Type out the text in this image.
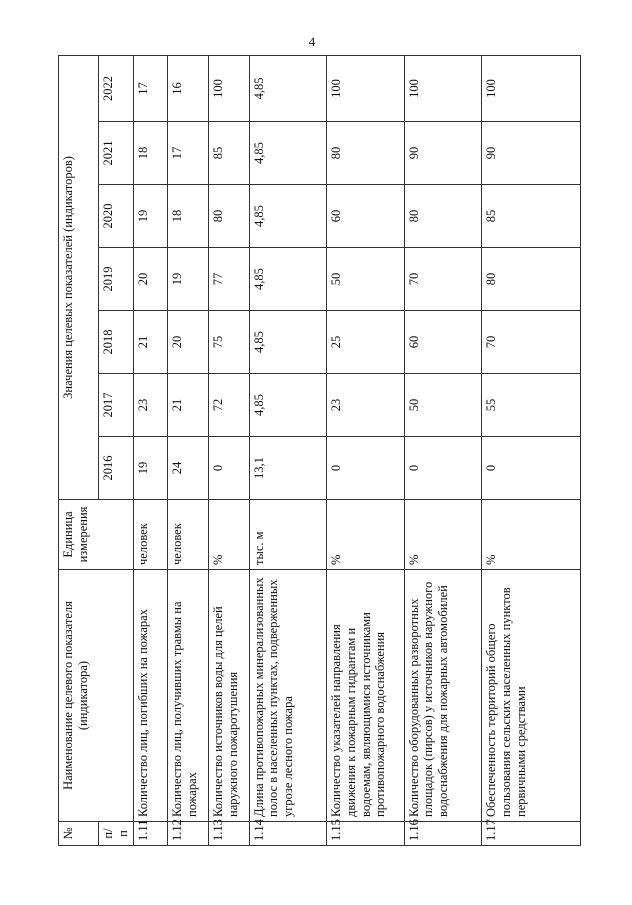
4
№	Наименование целевого показателя (индикатора)	Единица измерения	Значения целевых показателей (индикаторов)						
п/п			2016	2017	2018	2019	2020	2021	2022
1.11	Количество лиц, погибших на пожарах	человек	19	23	21	20	19	18	17
1.12	Количество лиц, получивших травмы на пожарах	человек	24	21	20	19	18	17	16
1.13	Количество источников воды для целей наружного пожаротушения	%	0	72	75	77	80	85	100
1.14	Длина противопожарных минерализованных полос в населенных пунктах, подверженных угрозе лесного пожара	тыс. м	13,1	4,85	4,85	4,85	4,85	4,85	4,85
1.15	Количество указателей направления движения к пожарным гидрантам и водоемам, являющимися источниками противопожарного водоснабжения	%	0	23	25	50	60	80	100
1.16	Количество оборудованных разворотных площадок (пирсов) у источников наружного водоснабжения для пожарных автомобилей	%	0	50	60	70	80	90	100
1.17	Обеспеченность территорий общего пользования сельских населенных пунктов первичными средствами	%	0	55	70	80	85	90	100
